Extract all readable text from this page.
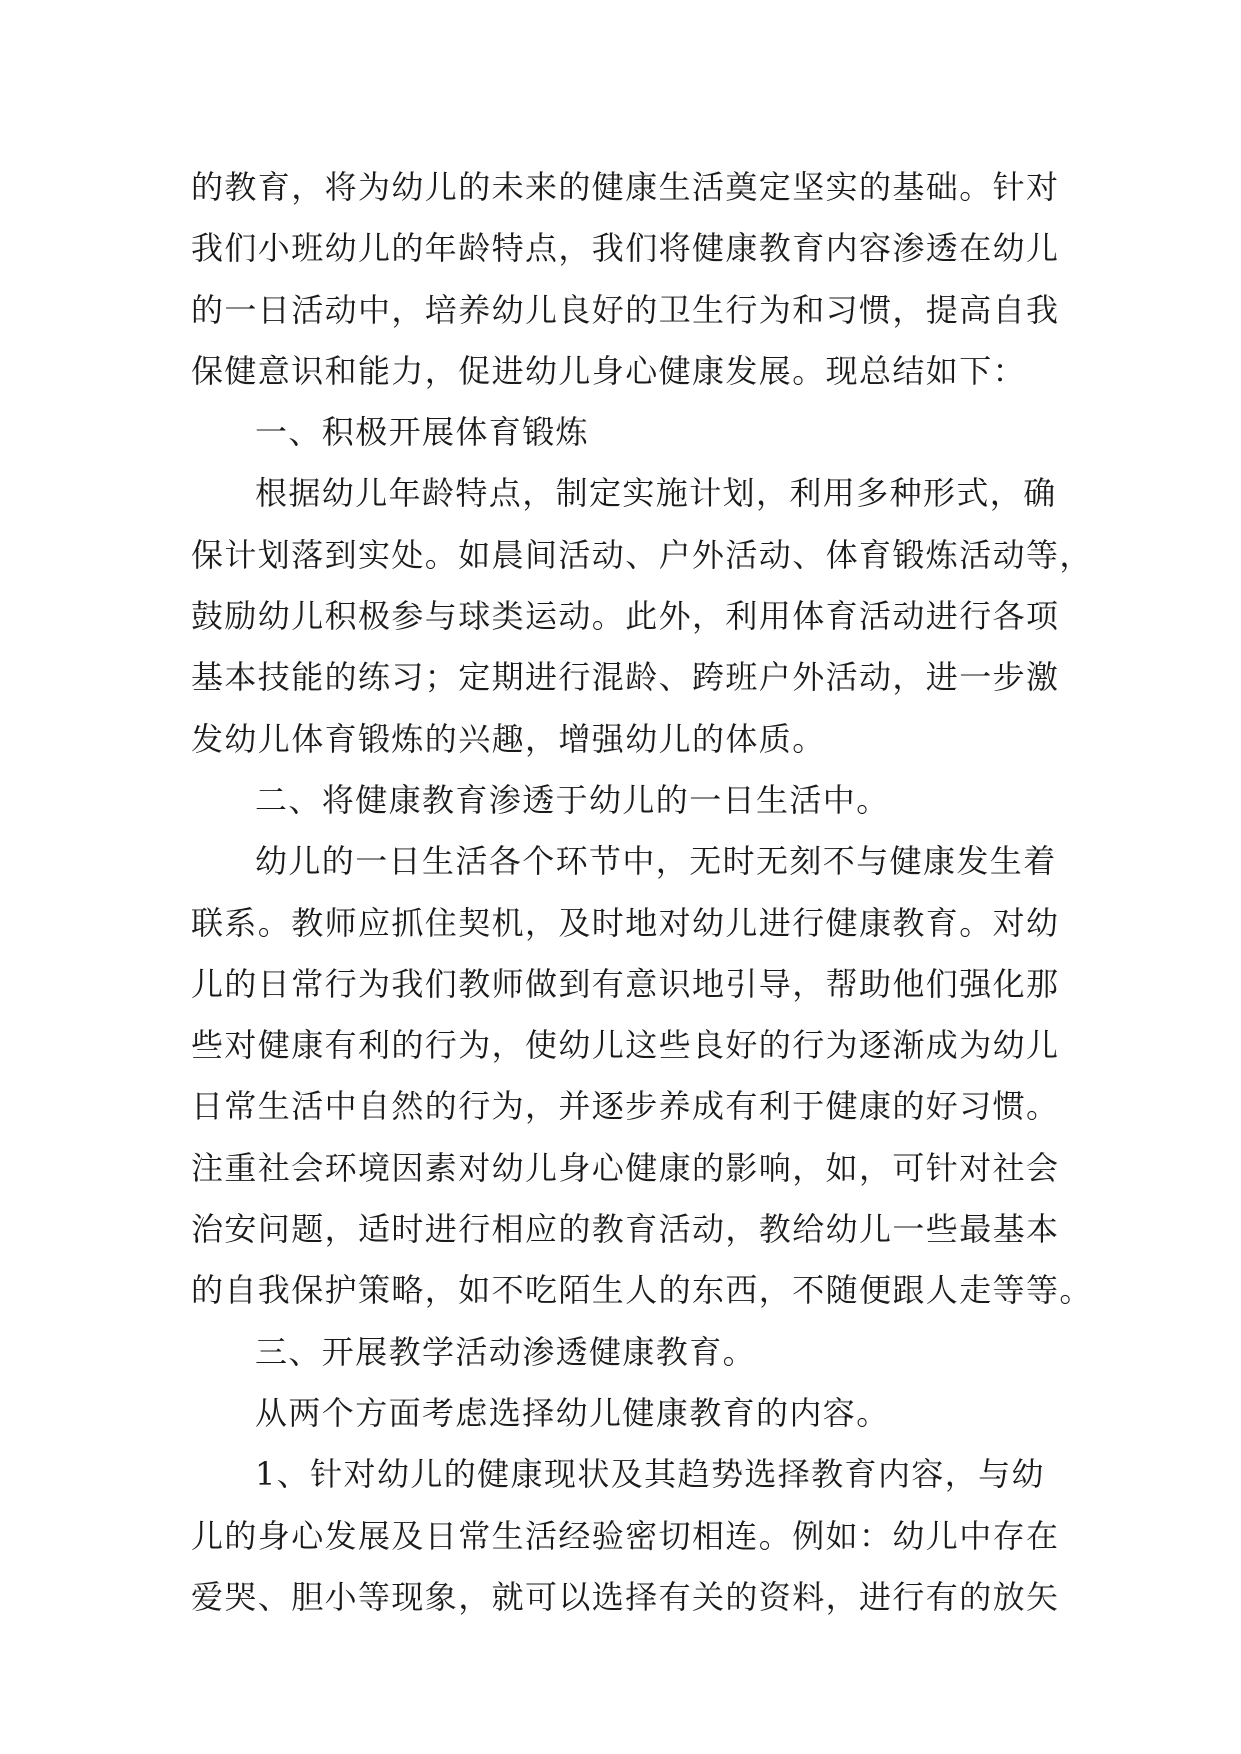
的教育，将为幼儿的未来的健康生活奠定坚实的基础。针对
我们小班幼儿的年龄特点，我们将健康教育内容渗透在幼儿
的一日活动中，培养幼儿良好的卫生行为和习惯，提高自我
保健意识和能力，促进幼儿身心健康发展。现总结如下：
一、积极开展体育锻炼
根据幼儿年龄特点，制定实施计划，利用多种形式，确
保计划落到实处。如晨间活动、户外活动、体育锻炼活动等，
鼓励幼儿积极参与球类运动。此外，利用体育活动进行各项
基本技能的练习；定期进行混龄、跨班户外活动，进一步激
发幼儿体育锻炼的兴趣，增强幼儿的体质。
二、将健康教育渗透于幼儿的一日生活中。
幼儿的一日生活各个环节中，无时无刻不与健康发生着
联系。教师应抓住契机，及时地对幼儿进行健康教育。对幼
儿的日常行为我们教师做到有意识地引导，帮助他们强化那
些对健康有利的行为，使幼儿这些良好的行为逐渐成为幼儿
日常生活中自然的行为，并逐步养成有利于健康的好习惯。
注重社会环境因素对幼儿身心健康的影响，如，可针对社会
治安问题，适时进行相应的教育活动，教给幼儿一些最基本
的自我保护策略，如不吃陌生人的东西，不随便跟人走等等。
三、开展教学活动渗透健康教育。
从两个方面考虑选择幼儿健康教育的内容。
1、针对幼儿的健康现状及其趋势选择教育内容，与幼
儿的身心发展及日常生活经验密切相连。例如：幼儿中存在
爱哭、胆小等现象，就可以选择有关的资料，进行有的放矢
